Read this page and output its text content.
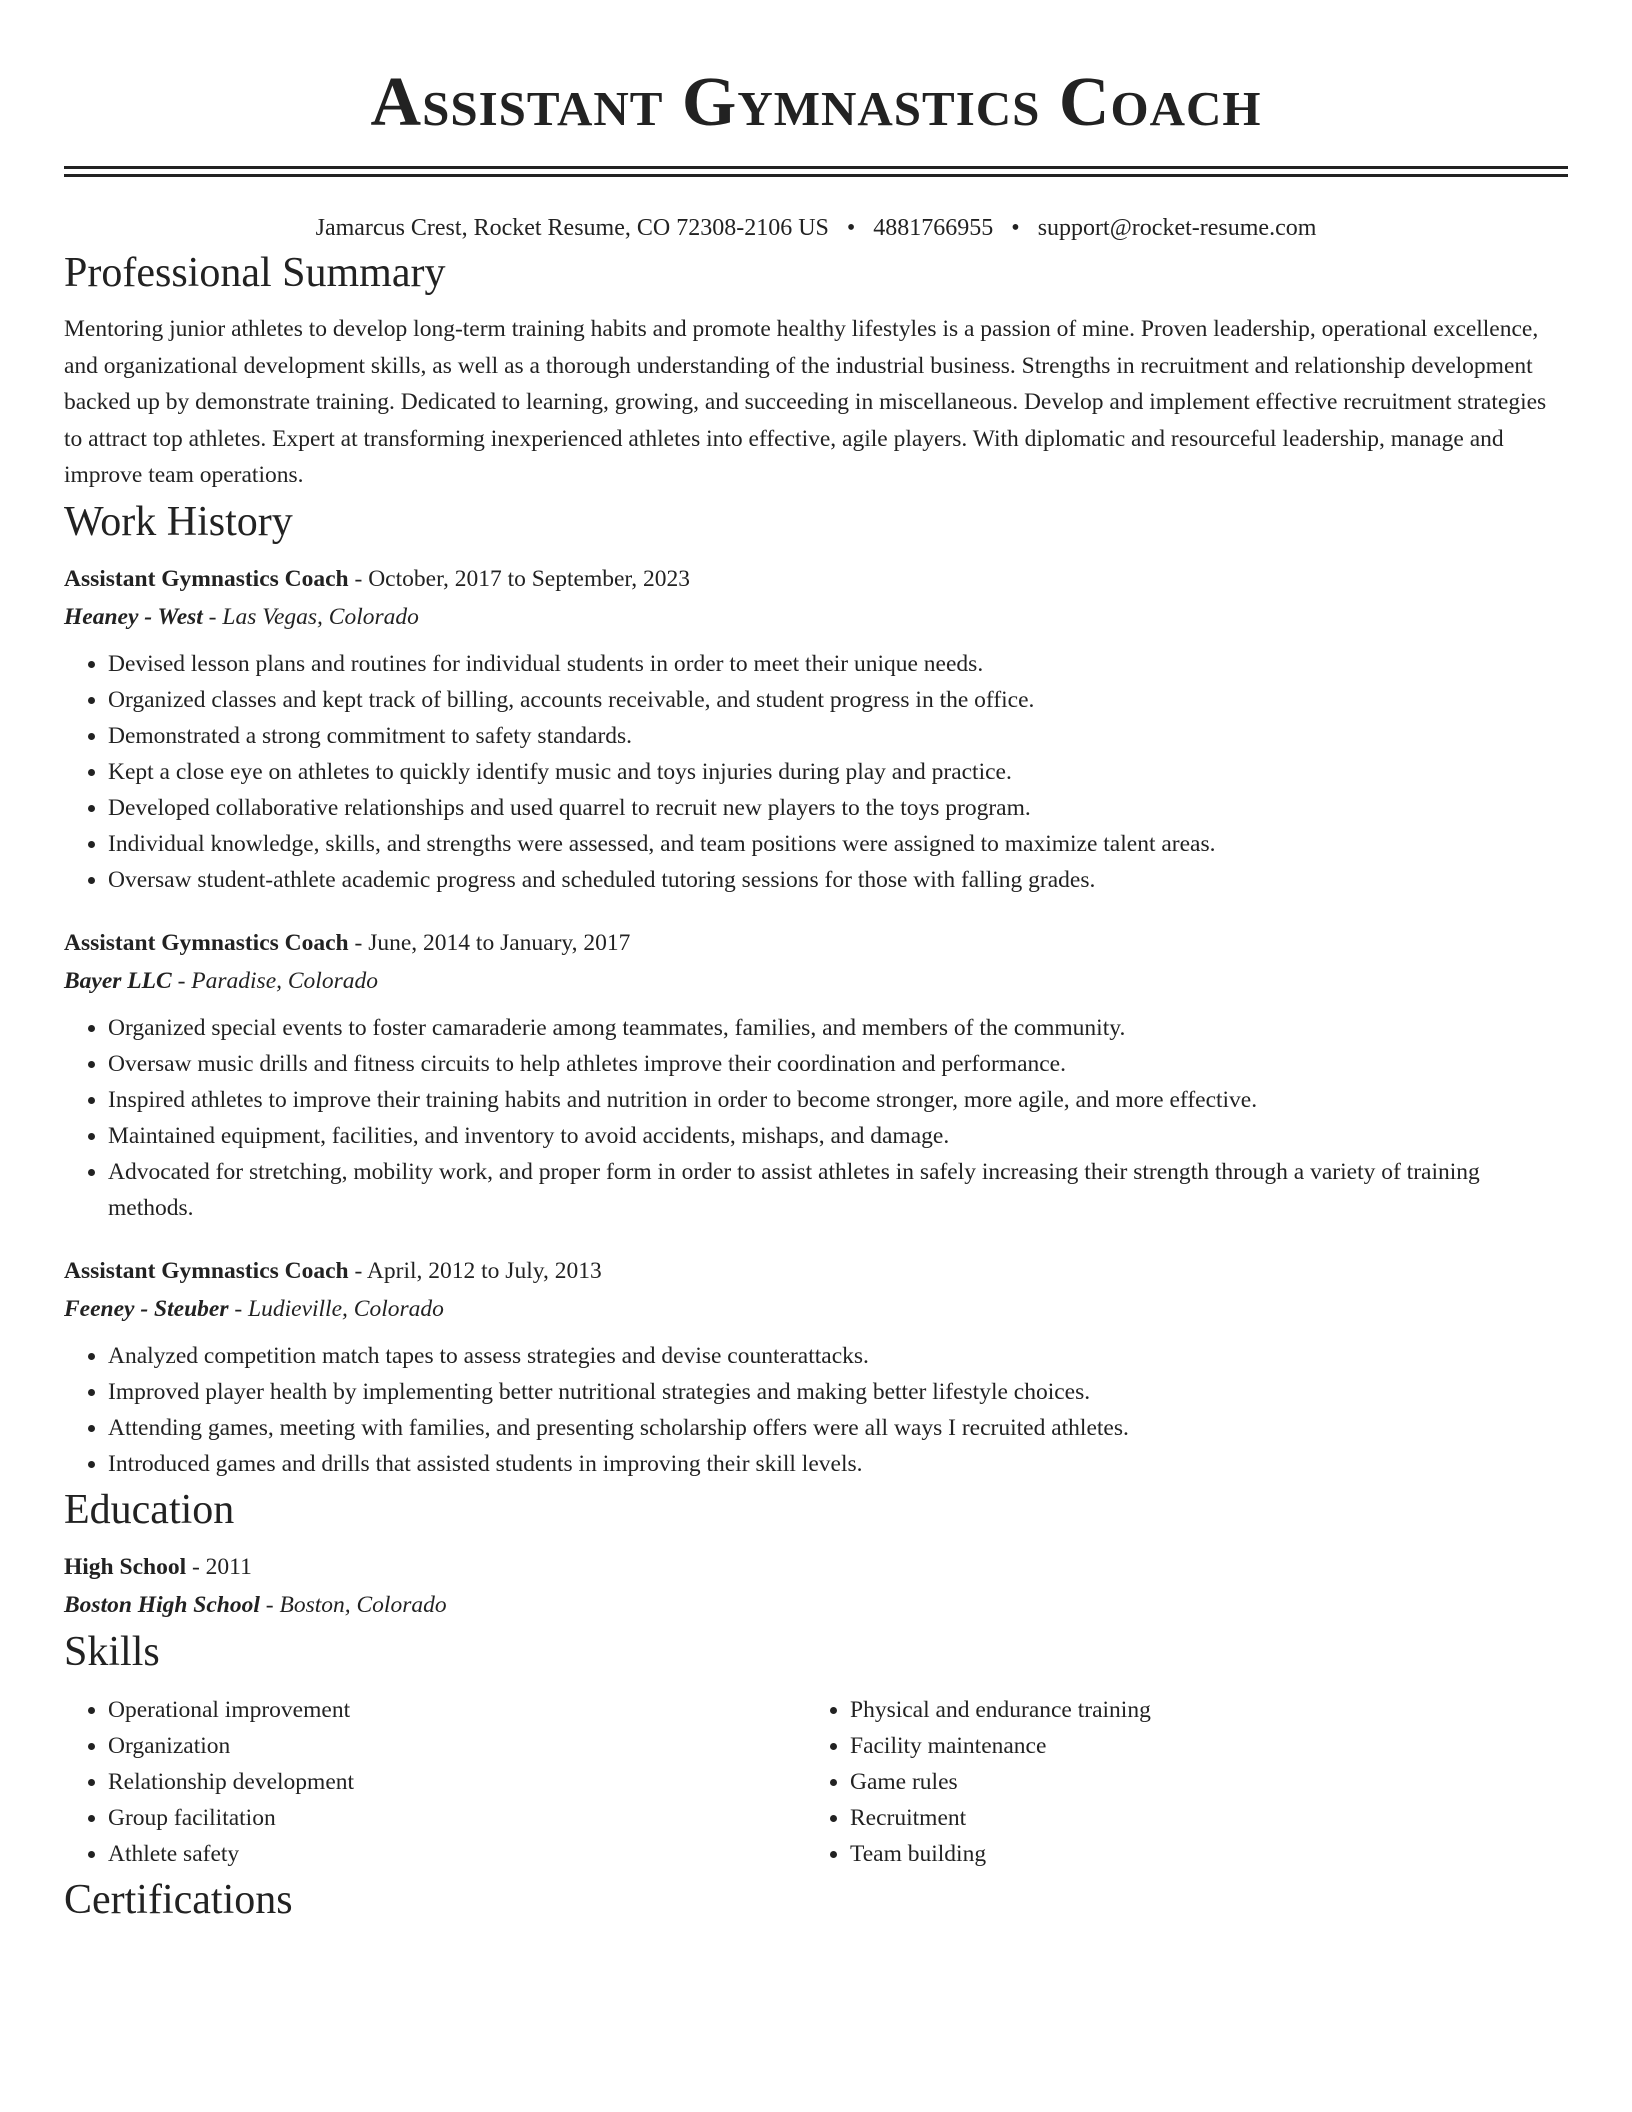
Assistant Gymnastics Coach
Jamarcus Crest, Rocket Resume, CO 72308-2106 US • 4881766955 • support@rocket-resume.com
Professional Summary
Mentoring junior athletes to develop long-term training habits and promote healthy lifestyles is a passion of mine. Proven leadership, operational excellence, and organizational development skills, as well as a thorough understanding of the industrial business. Strengths in recruitment and relationship development backed up by demonstrate training. Dedicated to learning, growing, and succeeding in miscellaneous. Develop and implement effective recruitment strategies to attract top athletes. Expert at transforming inexperienced athletes into effective, agile players. With diplomatic and resourceful leadership, manage and improve team operations.
Work History
Assistant Gymnastics Coach - October, 2017 to September, 2023
Heaney - West - Las Vegas, Colorado
• Devised lesson plans and routines for individual students in order to meet their unique needs.
• Organized classes and kept track of billing, accounts receivable, and student progress in the office.
• Demonstrated a strong commitment to safety standards.
• Kept a close eye on athletes to quickly identify music and toys injuries during play and practice.
• Developed collaborative relationships and used quarrel to recruit new players to the toys program.
• Individual knowledge, skills, and strengths were assessed, and team positions were assigned to maximize talent areas.
• Oversaw student-athlete academic progress and scheduled tutoring sessions for those with falling grades.
Assistant Gymnastics Coach - June, 2014 to January, 2017
Bayer LLC - Paradise, Colorado
• Organized special events to foster camaraderie among teammates, families, and members of the community.
• Oversaw music drills and fitness circuits to help athletes improve their coordination and performance.
• Inspired athletes to improve their training habits and nutrition in order to become stronger, more agile, and more effective.
• Maintained equipment, facilities, and inventory to avoid accidents, mishaps, and damage.
• Advocated for stretching, mobility work, and proper form in order to assist athletes in safely increasing their strength through a variety of training methods.
Assistant Gymnastics Coach - April, 2012 to July, 2013
Feeney - Steuber - Ludieville, Colorado
• Analyzed competition match tapes to assess strategies and devise counterattacks.
• Improved player health by implementing better nutritional strategies and making better lifestyle choices.
• Attending games, meeting with families, and presenting scholarship offers were all ways I recruited athletes.
• Introduced games and drills that assisted students in improving their skill levels.
Education
High School - 2011
Boston High School - Boston, Colorado
Skills
• Operational improvement
• Organization
• Relationship development
• Group facilitation
• Athlete safety
• Physical and endurance training
• Facility maintenance
• Game rules
• Recruitment
• Team building
Certifications
